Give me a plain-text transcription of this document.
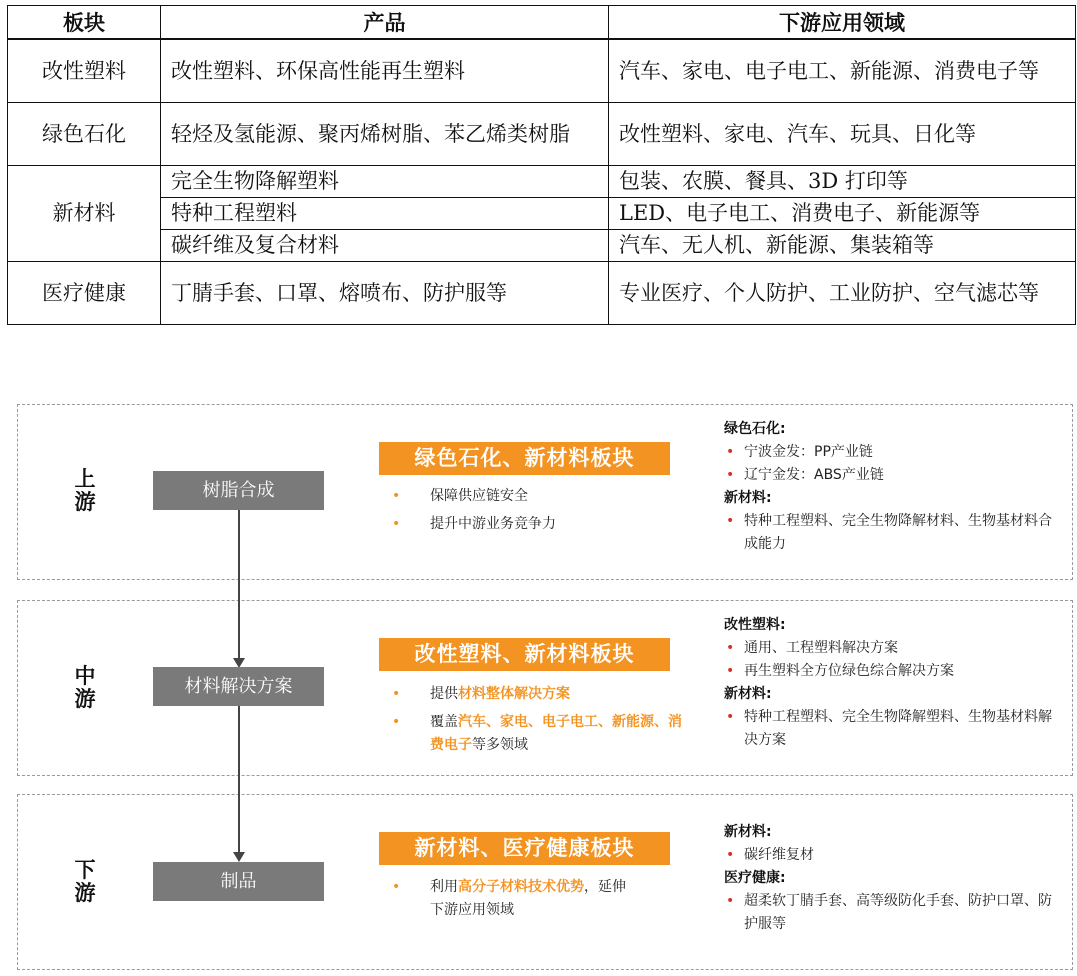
板块	产品	下游应用领域
改性塑料	改性塑料、环保高性能再生塑料	汽车、家电、电子电工、新能源、消费电子等
绿色石化	轻烃及氢能源、聚丙烯树脂、苯乙烯类树脂	改性塑料、家电、汽车、玩具、日化等
新材料	完全生物降解塑料	包装、农膜、餐具、3D 打印等
	特种工程塑料	LED、电子电工、消费电子、新能源等
	碳纤维及复合材料	汽车、无人机、新能源、集装箱等
医疗健康	丁腈手套、口罩、熔喷布、防护服等	专业医疗、个人防护、工业防护、空气滤芯等
上
游
中
游
下
游
树脂合成
材料解决方案
制品
绿色石化、新材料板块
改性塑料、新材料板块
新材料、医疗健康板块
• 保障供应链安全
• 提升中游业务竞争力
• 提供材料整体解决方案
• 覆盖汽车、家电、电子电工、新能源、消费电子等多领域
• 利用高分子材料技术优势，延伸下游应用领域
绿色石化:
• 宁波金发：PP产业链
• 辽宁金发：ABS产业链
新材料:
• 特种工程塑料、完全生物降解材料、生物基材料合成能力
改性塑料:
• 通用、工程塑料解决方案
• 再生塑料全方位绿色综合解决方案
新材料:
• 特种工程塑料、完全生物降解塑料、生物基材料解决方案
新材料:
• 碳纤维复材
医疗健康:
• 超柔软丁腈手套、高等级防化手套、防护口罩、防护服等
